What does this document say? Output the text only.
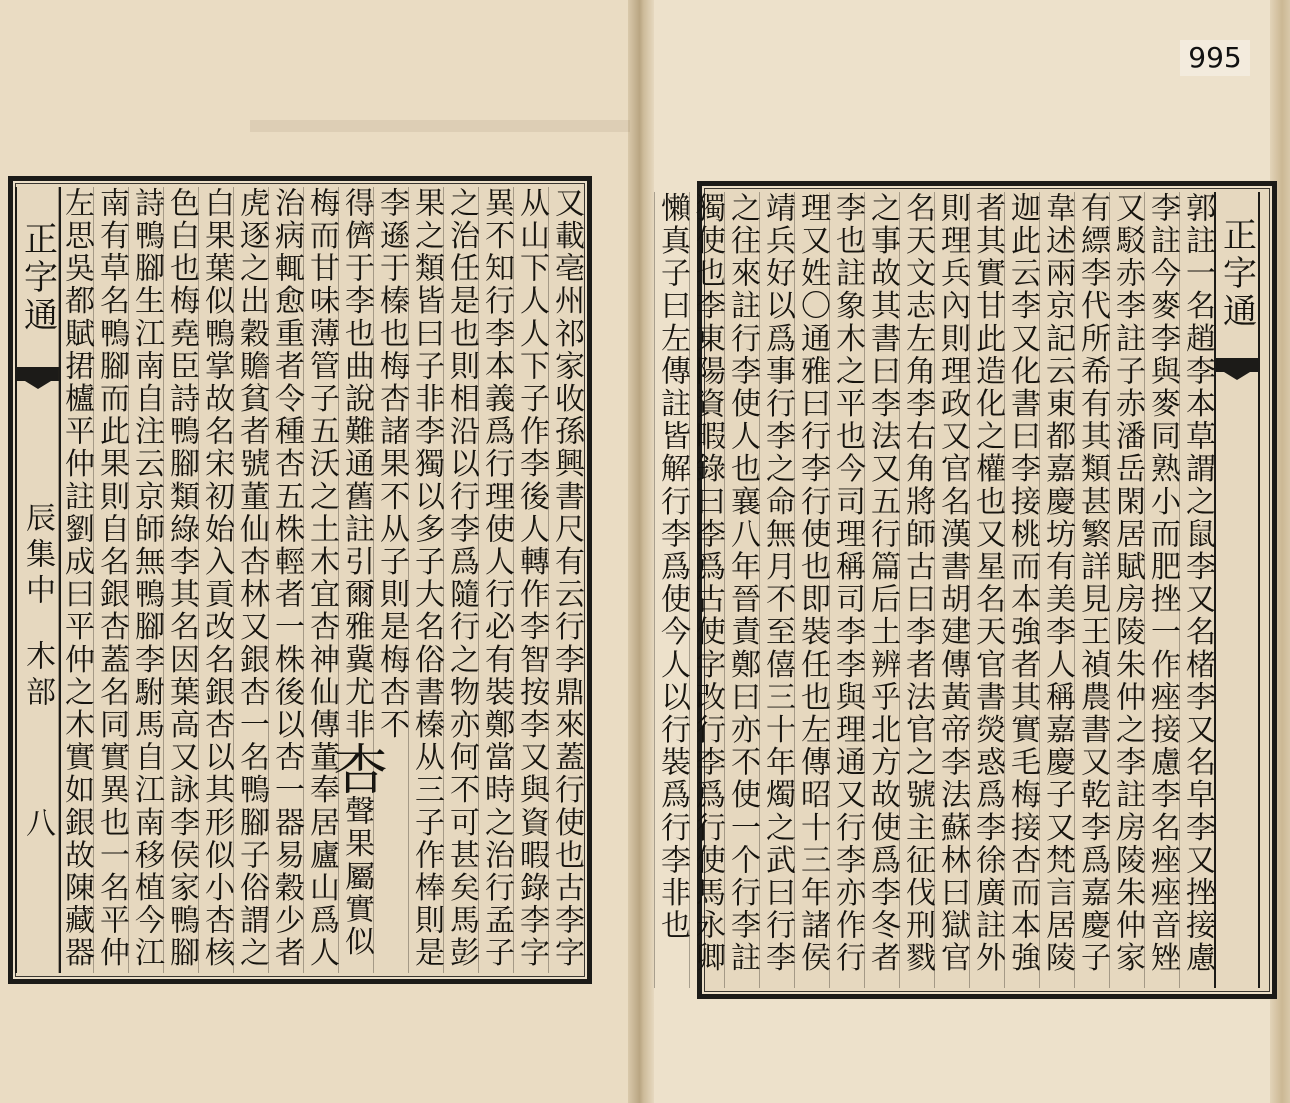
995
正字通
辰集中
木部
八	又載亳州祁家收孫興書尺有云行李鼎來蓋行使也古李字
从山下人人下子作李後人轉作李智按李又與資暇錄李字
異不知行李本義爲行理使人行必有裝鄭當時之治行孟子
之治任是也則相沿以行李爲隨行之物亦何不可甚矣馬彭
果之類皆曰子非李獨以多子大名俗書榛从三子作棒則是
李遜于榛也梅杏諸果不从子則是梅杏不
得儕于李也曲說難通舊註引爾雅冀尤非杏聲果屬實似
梅而甘味薄管子五沃之土木宜杏神仙傳董奉居廬山爲人
治病輒愈重者令種杏五株輕者一株後以杏一器易穀少者
虎逐之出穀贍貧者號董仙杏林又銀杏一名鴨腳子俗謂之
白果葉似鴨掌故名宋初始入貢改名銀杏以其形似小杏核
色白也梅堯臣詩鴨腳類綠李其名因葉高又詠李侯家鴨腳
詩鴨腳生江南自注云京師無鴨腳李駙馬自江南移植今江
南有草名鴨腳而此果則自名銀杏蓋名同實異也一名平仲
左思吳都賦捃櫨平仲註劉成曰平仲之木實如銀故陳藏器	正字通
郭註一名趙李本草謂之鼠李又名楮李又名皁李又挫接慮
李註今麥李與麥同熟小而肥挫一作痤接慮李名痤痤音矬
又駁赤李註子赤潘岳閑居賦房陵朱仲之李註房陵朱仲家
有縹李代所希有其類甚繁詳見王禎農書又乾李爲嘉慶子
韋述兩京記云東都嘉慶坊有美李人稱嘉慶子又梵言居陵
迦此云李又化書曰李接桃而本強者其實毛梅接杏而本強
者其實甘此造化之權也又星名天官書熒惑爲李徐廣註外
則理兵內則理政又官名漢書胡建傳黃帝李法蘇林曰獄官
名天文志左角李右角將師古曰李者法官之號主征伐刑戮
之事故其書曰李法又五行篇后土辨乎北方故使爲李冬者
李也註象木之平也今司理稱司李李與理通又行李亦作行
理又姓〇通雅曰行李行使也即裝任也左傳昭十三年諸侯
靖兵好以爲事行李之命無月不至僖三十年燭之武曰行李
之往來註行李使人也襄八年晉責鄭曰亦不使一个行李註
獨使也李東陽資暇錄曰李爲古使字改行李爲行使馬永卿
懶真子曰左傳註皆解行李爲使今人以行裝爲行李非也
